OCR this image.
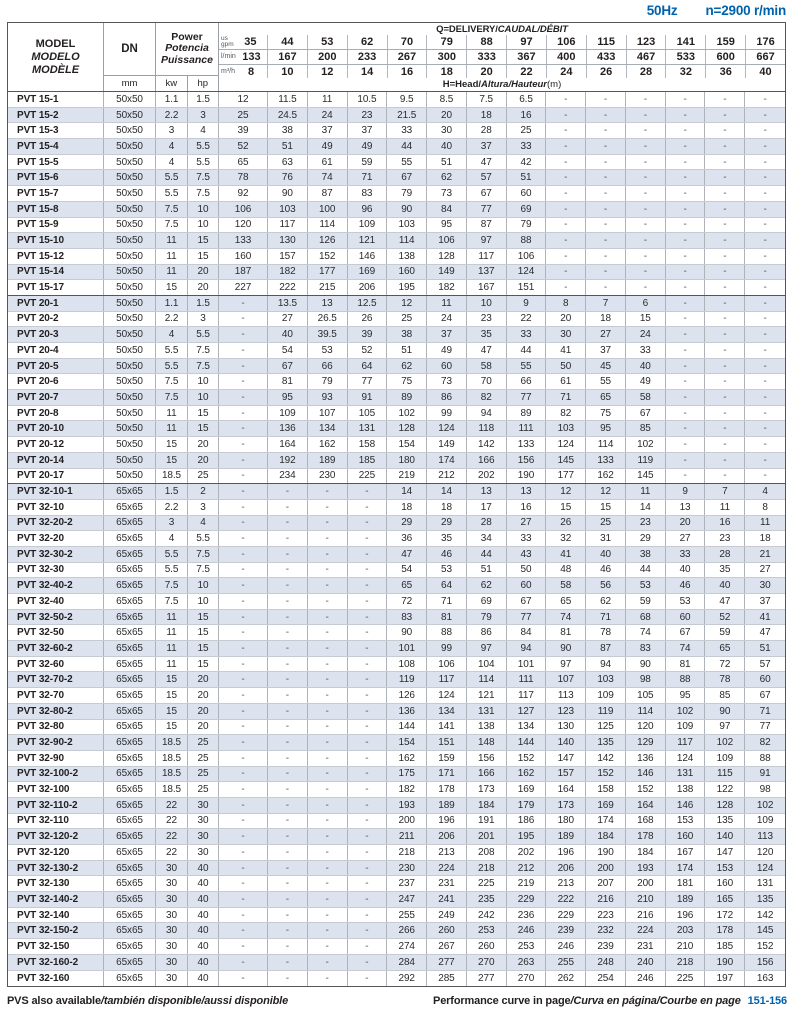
50Hz n=2900 r/min
MODEL
MODELO
MODÈLE
DN
mm
Power
Potencia
Puissance
kw	hp
Q=DELIVERY/ CAUDAL/DÉBIT
us
gpm 35	44	53	62	70	79	88	97	106	115	123	141	159	176
l/min 133	167	200	233	267	300	333	367	400	433	467	533	600	667
m³/h	8	10	12	14	16	18	20	22	24	26	28	32	36	40
H=Head/ Altura/Hauteur (m)
PVT 15-1	50x50	1.1	1.5	12	11.5	11	10.5	9.5	8.5	7.5	6.5	-	-	-	-	-	-
PVT 15-2	50x50	2.2	3	25	24.5	24	23	21.5	20	18	16	-	-	-	-	-	-
PVT 15-3	50x50	3	4	39	38	37	37	33	30	28	25	-	-	-	-	-	-
PVT 15-4	50x50	4	5.5	52	51	49	49	44	40	37	33	-	-	-	-	-	-
PVT 15-5	50x50	4	5.5	65	63	61	59	55	51	47	42	-	-	-	-	-	-
PVT 15-6	50x50	5.5	7.5	78	76	74	71	67	62	57	51	-	-	-	-	-	-
PVT 15-7	50x50	5.5	7.5	92	90	87	83	79	73	67	60	-	-	-	-	-	-
PVT 15-8	50x50	7.5	10	106	103	100	96	90	84	77	69	-	-	-	-	-	-
PVT 15-9	50x50	7.5	10	120	117	114	109	103	95	87	79	-	-	-	-	-	-
PVT 15-10	50x50	11	15	133	130	126	121	114	106	97	88	-	-	-	-	-	-
PVT 15-12	50x50	11	15	160	157	152	146	138	128	117	106	-	-	-	-	-	-
PVT 15-14	50x50	11	20	187	182	177	169	160	149	137	124	-	-	-	-	-	-
PVT 15-17	50x50	15	20	227	222	215	206	195	182	167	151	-	-	-	-	-	-
PVT 20-1	50x50	1.1	1.5	-	13.5	13	12.5	12	11	10	9	8	7	6	-	-	-
PVT 20-2	50x50	2.2	3	-	27	26.5	26	25	24	23	22	20	18	15	-	-	-
PVT 20-3	50x50	4	5.5	-	40	39.5	39	38	37	35	33	30	27	24	-	-	-
PVT 20-4	50x50	5.5	7.5	-	54	53	52	51	49	47	44	41	37	33	-	-	-
PVT 20-5	50x50	5.5	7.5	-	67	66	64	62	60	58	55	50	45	40	-	-	-
PVT 20-6	50x50	7.5	10	-	81	79	77	75	73	70	66	61	55	49	-	-	-
PVT 20-7	50x50	7.5	10	-	95	93	91	89	86	82	77	71	65	58	-	-	-
PVT 20-8	50x50	11	15	-	109	107	105	102	99	94	89	82	75	67	-	-	-
PVT 20-10	50x50	11	15	-	136	134	131	128	124	118	111	103	95	85	-	-	-
PVT 20-12	50x50	15	20	-	164	162	158	154	149	142	133	124	114	102	-	-	-
PVT 20-14	50x50	15	20	-	192	189	185	180	174	166	156	145	133	119	-	-	-
PVT 20-17	50x50	18.5	25	-	234	230	225	219	212	202	190	177	162	145	-	-	-
PVT 32-10-1	65x65	1.5	2	-	-	-	-	14	14	13	13	12	12	11	9	7	4
PVT 32-10	65x65	2.2	3	-	-	-	-	18	18	17	16	15	15	14	13	11	8
PVT 32-20-2	65x65	3	4	-	-	-	-	29	29	28	27	26	25	23	20	16	11
PVT 32-20	65x65	4	5.5	-	-	-	-	36	35	34	33	32	31	29	27	23	18
PVT 32-30-2	65x65	5.5	7.5	-	-	-	-	47	46	44	43	41	40	38	33	28	21
PVT 32-30	65x65	5.5	7.5	-	-	-	-	54	53	51	50	48	46	44	40	35	27
PVT 32-40-2	65x65	7.5	10	-	-	-	-	65	64	62	60	58	56	53	46	40	30
PVT 32-40	65x65	7.5	10	-	-	-	-	72	71	69	67	65	62	59	53	47	37
PVT 32-50-2	65x65	11	15	-	-	-	-	83	81	79	77	74	71	68	60	52	41
PVT 32-50	65x65	11	15	-	-	-	-	90	88	86	84	81	78	74	67	59	47
PVT 32-60-2	65x65	11	15	-	-	-	-	101	99	97	94	90	87	83	74	65	51
PVT 32-60	65x65	11	15	-	-	-	-	108	106	104	101	97	94	90	81	72	57
PVT 32-70-2	65x65	15	20	-	-	-	-	119	117	114	111	107	103	98	88	78	60
PVT 32-70	65x65	15	20	-	-	-	-	126	124	121	117	113	109	105	95	85	67
PVT 32-80-2	65x65	15	20	-	-	-	-	136	134	131	127	123	119	114	102	90	71
PVT 32-80	65x65	15	20	-	-	-	-	144	141	138	134	130	125	120	109	97	77
PVT 32-90-2	65x65	18.5	25	-	-	-	-	154	151	148	144	140	135	129	117	102	82
PVT 32-90	65x65	18.5	25	-	-	-	-	162	159	156	152	147	142	136	124	109	88
PVT 32-100-2	65x65	18.5	25	-	-	-	-	175	171	166	162	157	152	146	131	115	91
PVT 32-100	65x65	18.5	25	-	-	-	-	182	178	173	169	164	158	152	138	122	98
PVT 32-110-2	65x65	22	30	-	-	-	-	193	189	184	179	173	169	164	146	128	102
PVT 32-110	65x65	22	30	-	-	-	-	200	196	191	186	180	174	168	153	135	109
PVT 32-120-2	65x65	22	30	-	-	-	-	211	206	201	195	189	184	178	160	140	113
PVT 32-120	65x65	22	30	-	-	-	-	218	213	208	202	196	190	184	167	147	120
PVT 32-130-2	65x65	30	40	-	-	-	-	230	224	218	212	206	200	193	174	153	124
PVT 32-130	65x65	30	40	-	-	-	-	237	231	225	219	213	207	200	181	160	131
PVT 32-140-2	65x65	30	40	-	-	-	-	247	241	235	229	222	216	210	189	165	135
PVT 32-140	65x65	30	40	-	-	-	-	255	249	242	236	229	223	216	196	172	142
PVT 32-150-2	65x65	30	40	-	-	-	-	266	260	253	246	239	232	224	203	178	145
PVT 32-150	65x65	30	40	-	-	-	-	274	267	260	253	246	239	231	210	185	152
PVT 32-160-2	65x65	30	40	-	-	-	-	284	277	270	263	255	248	240	218	190	156
PVT 32-160	65x65	30	40	-	-	-	-	292	285	277	270	262	254	246	225	197	163
PVS also available/también disponible/aussi disponible	Performance curve in page/Curva en página/Courbe en page 151-156
